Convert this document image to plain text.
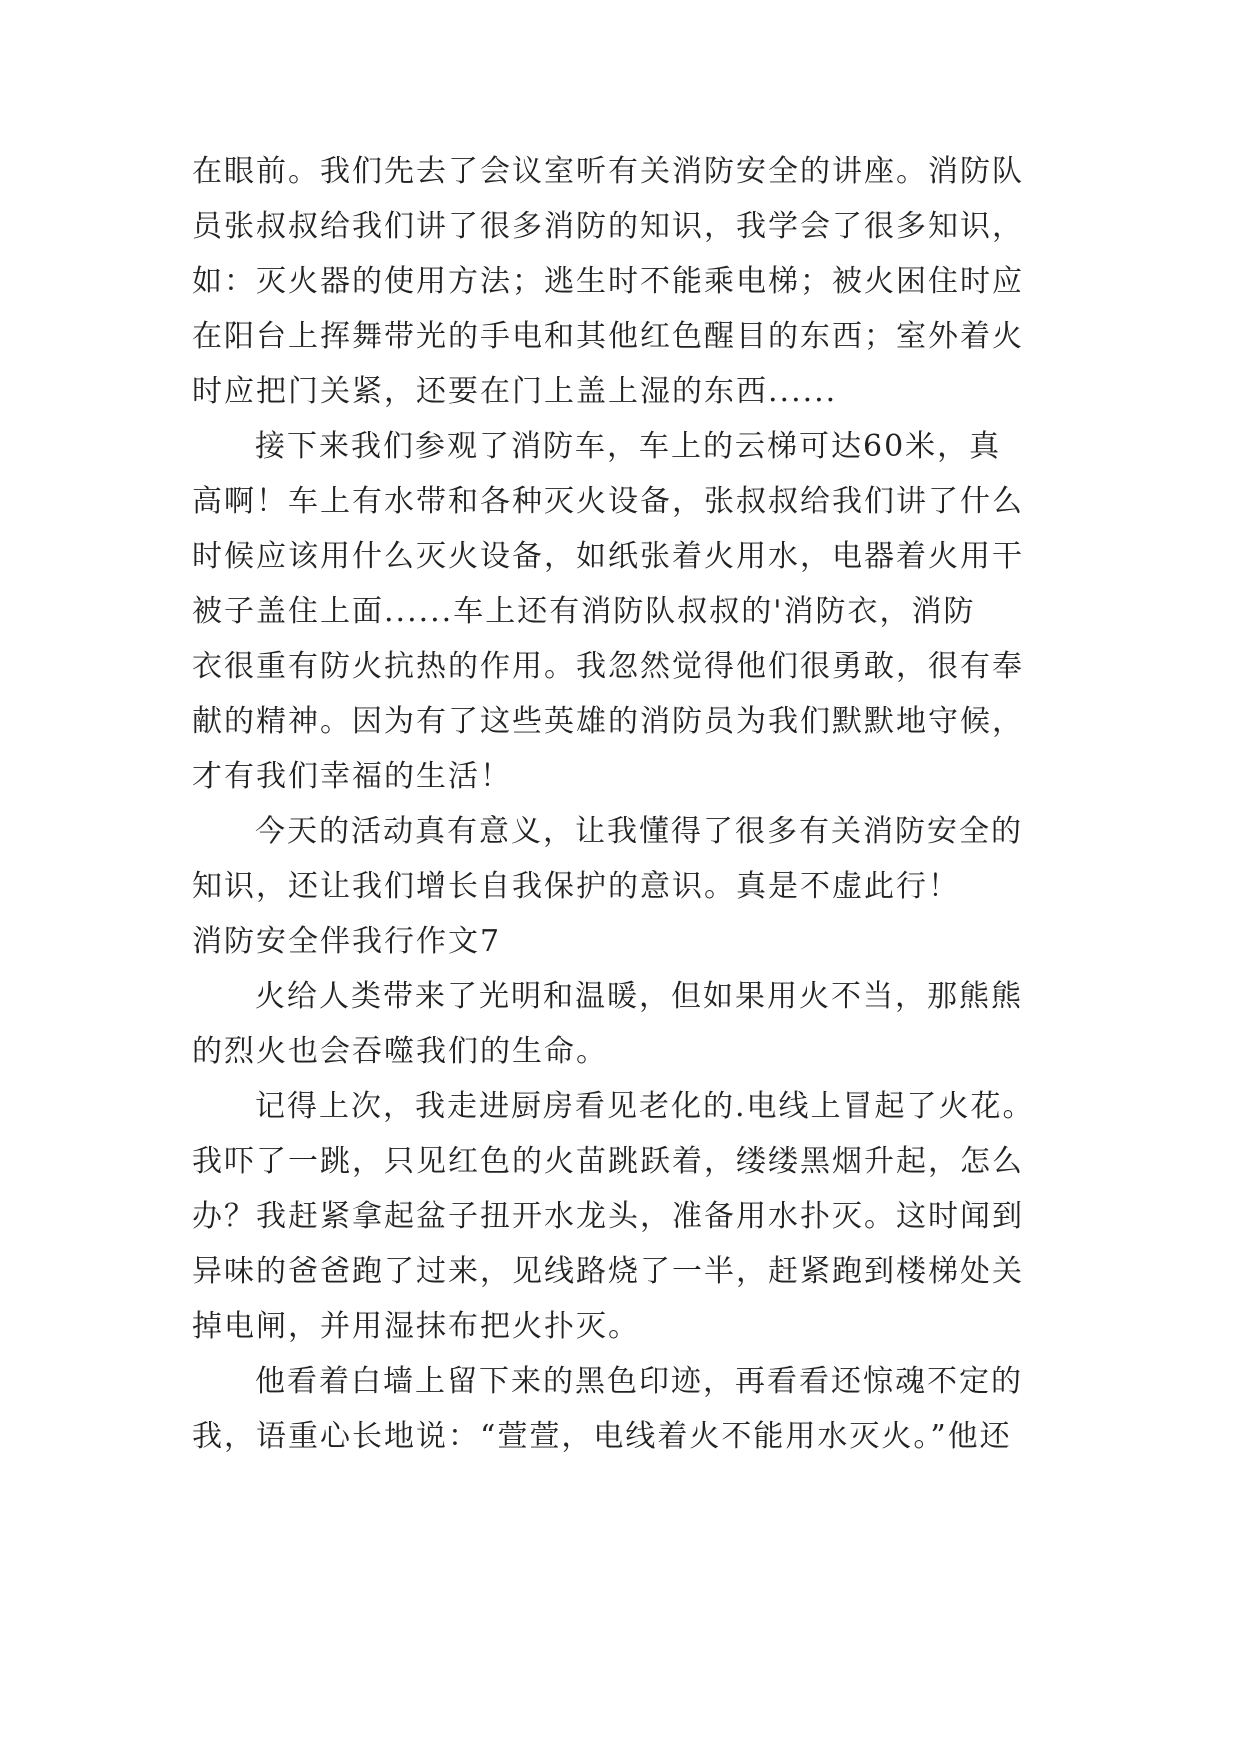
在眼前。我们先去了会议室听有关消防安全的讲座。消防队
员张叔叔给我们讲了很多消防的知识，我学会了很多知识，
如：灭火器的使用方法；逃生时不能乘电梯；被火困住时应
在阳台上挥舞带光的手电和其他红色醒目的东西；室外着火
时应把门关紧，还要在门上盖上湿的东西......
接下来我们参观了消防车，车上的云梯可达60米，真
高啊！车上有水带和各种灭火设备，张叔叔给我们讲了什么
时候应该用什么灭火设备，如纸张着火用水，电器着火用干
被子盖住上面......车上还有消防队叔叔的'消防衣，消防
衣很重有防火抗热的作用。我忽然觉得他们很勇敢，很有奉
献的精神。因为有了这些英雄的消防员为我们默默地守候，
才有我们幸福的生活！
今天的活动真有意义，让我懂得了很多有关消防安全的
知识，还让我们增长自我保护的意识。真是不虚此行！
消防安全伴我行作文7
火给人类带来了光明和温暖，但如果用火不当，那熊熊
的烈火也会吞噬我们的生命。
记得上次，我走进厨房看见老化的.电线上冒起了火花。
我吓了一跳，只见红色的火苗跳跃着，缕缕黑烟升起，怎么
办？我赶紧拿起盆子扭开水龙头，准备用水扑灭。这时闻到
异味的爸爸跑了过来，见线路烧了一半，赶紧跑到楼梯处关
掉电闸，并用湿抹布把火扑灭。
他看着白墙上留下来的黑色印迹，再看看还惊魂不定的
我，语重心长地说：“萱萱，电线着火不能用水灭火。”他还
